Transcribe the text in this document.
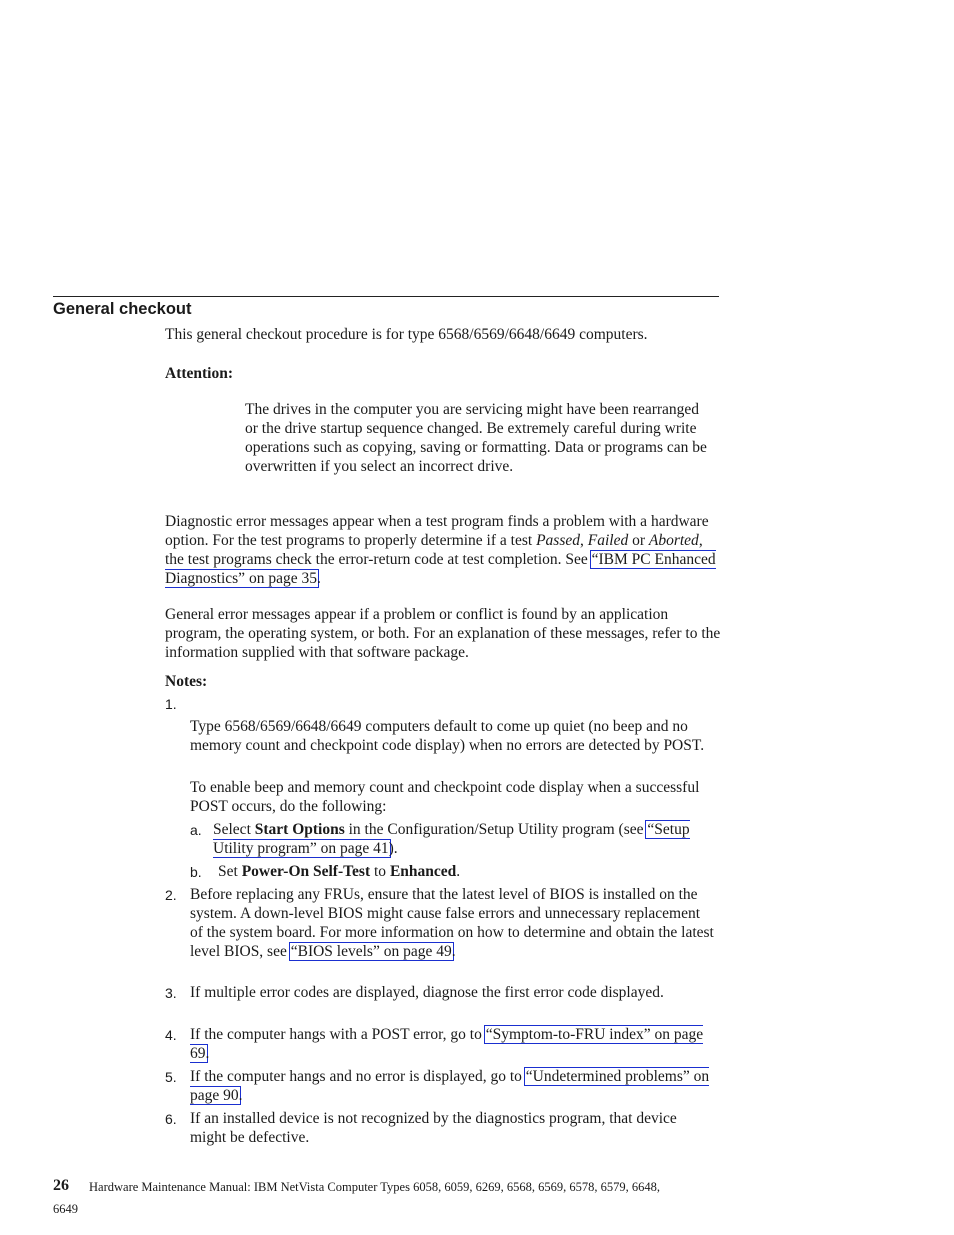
General checkout

This general checkout procedure is for type 6568/6569/6648/6649 computers.

Attention:

The drives in the computer you are servicing might have been rearranged or the drive startup sequence changed. Be extremely careful during write operations such as copying, saving or formatting. Data or programs can be overwritten if you select an incorrect drive.

Diagnostic error messages appear when a test program finds a problem with a hardware option. For the test programs to properly determine if a test Passed, Failed or Aborted, the test programs check the error-return code at test completion. See “IBM PC Enhanced Diagnostics” on page 35.

General error messages appear if a problem or conflict is found by an application program, the operating system, or both. For an explanation of these messages, refer to the information supplied with that software package.

Notes:

1.

Type 6568/6569/6648/6649 computers default to come up quiet (no beep and no memory count and checkpoint code display) when no errors are detected by POST.

To enable beep and memory count and checkpoint code display when a successful POST occurs, do the following:

a. Select Start Options in the Configuration/Setup Utility program (see “Setup Utility program” on page 41).

b. Set Power-On Self-Test to Enhanced.

2. Before replacing any FRUs, ensure that the latest level of BIOS is installed on the system. A down-level BIOS might cause false errors and unnecessary replacement of the system board. For more information on how to determine and obtain the latest level BIOS, see “BIOS levels” on page 49.

3. If multiple error codes are displayed, diagnose the first error code displayed.

4. If the computer hangs with a POST error, go to “Symptom-to-FRU index” on page 69.

5. If the computer hangs and no error is displayed, go to “Undetermined problems” on page 90.

6. If an installed device is not recognized by the diagnostics program, that device might be defective.

26 Hardware Maintenance Manual: IBM NetVista Computer Types 6058, 6059, 6269, 6568, 6569, 6578, 6579, 6648,
6649
